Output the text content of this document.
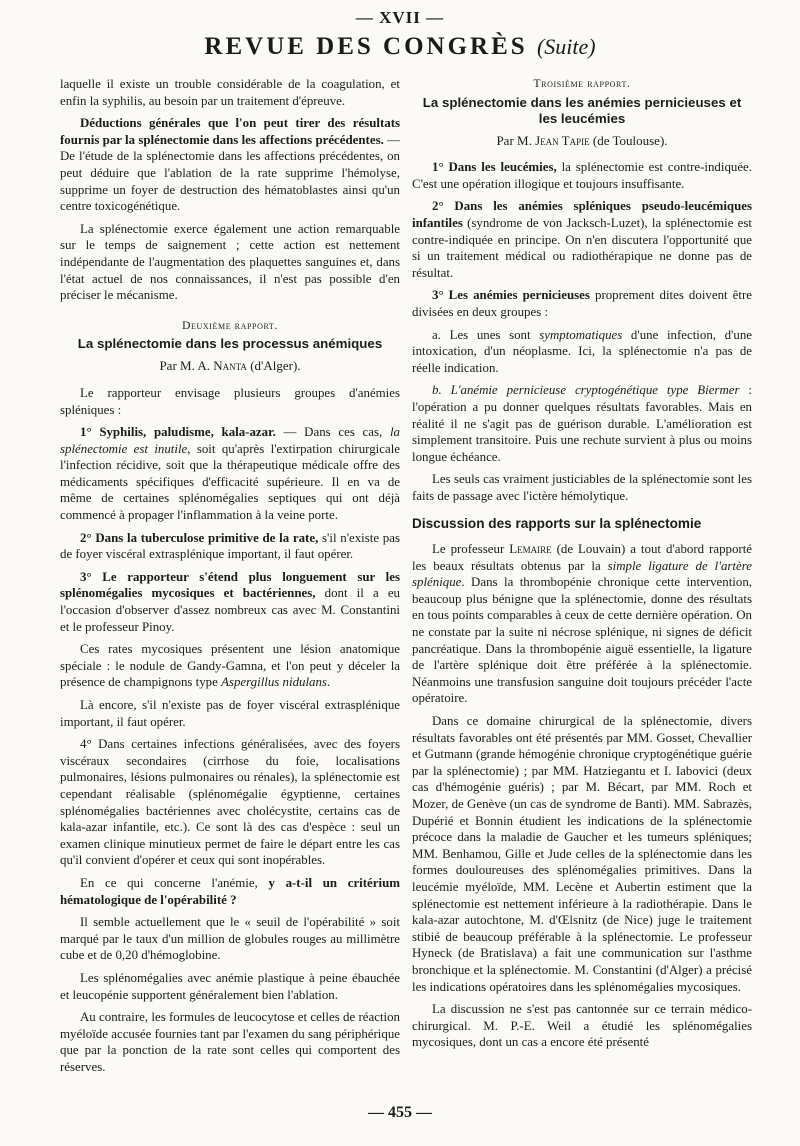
— XVII —
REVUE DES CONGRÈS (Suite)

laquelle il existe un trouble considérable de la coagulation, et enfin la syphilis, au besoin par un traitement d'épreuve.

Déductions générales que l'on peut tirer des résultats fournis par la splénectomie dans les affections précédentes. — De l'étude de la splénectomie dans les affections précédentes, on peut déduire que l'ablation de la rate supprime l'hémolyse, supprime un foyer de destruction des hématoblastes ainsi qu'un centre toxicogénétique.

La splénectomie exerce également une action remarquable sur le temps de saignement ; cette action est nettement indépendante de l'augmentation des plaquettes sanguines et, dans l'état actuel de nos connaissances, il n'est pas possible d'en préciser le mécanisme.

Deuxième rapport.
La splénectomie dans les processus anémiques
Par M. A. Nanta (d'Alger).

Le rapporteur envisage plusieurs groupes d'anémies spléniques :

1° Syphilis, paludisme, kala-azar. — Dans ces cas, la splénectomie est inutile, soit qu'après l'extirpation chirurgicale l'infection récidive, soit que la thérapeutique médicale offre des médicaments spécifiques d'efficacité supérieure. Il en va de même de certaines splénomégalies septiques qui ont déjà commencé à propager l'inflammation à la veine porte.

2° Dans la tuberculose primitive de la rate, s'il n'existe pas de foyer viscéral extrasplénique important, il faut opérer.

3° Le rapporteur s'étend plus longuement sur les splénomégalies mycosiques et bactériennes, dont il a eu l'occasion d'observer d'assez nombreux cas avec M. Constantini et le professeur Pinoy.

Ces rates mycosiques présentent une lésion anatomique spéciale : le nodule de Gandy-Gamna, et l'on peut y déceler la présence de champignons type Aspergillus nidulans.

Là encore, s'il n'existe pas de foyer viscéral extrasplénique important, il faut opérer.

4° Dans certaines infections généralisées, avec des foyers viscéraux secondaires (cirrhose du foie, localisations pulmonaires, lésions pulmonaires ou rénales), la splénectomie est cependant réalisable (splénomégalie égyptienne, certaines splénomégalies bactériennes avec cholécystite, certains cas de kala-azar infantile, etc.). Ce sont là des cas d'espèce : seul un examen clinique minutieux permet de faire le départ entre les cas qu'il convient d'opérer et ceux qui sont inopérables.

En ce qui concerne l'anémie, y a-t-il un critérium hématologique de l'opérabilité ?

Il semble actuellement que le « seuil de l'opérabilité » soit marqué par le taux d'un million de globules rouges au millimètre cube et de 0,20 d'hémoglobine.

Les splénomégalies avec anémie plastique à peine ébauchée et leucopénie supportent généralement bien l'ablation.

Au contraire, les formules de leucocytose et celles de réaction myéloïde accusée fournies tant par l'examen du sang périphérique que par la ponction de la rate sont celles qui comportent des réserves.

Troisième rapport.
La splénectomie dans les anémies pernicieuses et les leucémies
Par M. Jean Tapie (de Toulouse).

1° Dans les leucémies, la splénectomie est contre-indiquée. C'est une opération illogique et toujours insuffisante.

2° Dans les anémies spléniques pseudo-leucémiques infantiles (syndrome de von Jacksch-Luzet), la splénectomie est contre-indiquée en principe. On n'en discutera l'opportunité que si un traitement médical ou radiothérapique ne donne pas de résultat.

3° Les anémies pernicieuses proprement dites doivent être divisées en deux groupes :

a. Les unes sont symptomatiques d'une infection, d'une intoxication, d'un néoplasme. Ici, la splénectomie n'a pas de réelle indication.

b. L'anémie pernicieuse cryptogénétique type Biermer : l'opération a pu donner quelques résultats favorables. Mais en réalité il ne s'agit pas de guérison durable. L'amélioration est simplement transitoire. Puis une rechute survient à plus ou moins longue échéance.

Les seuls cas vraiment justiciables de la splénectomie sont les faits de passage avec l'ictère hémolytique.

Discussion des rapports sur la splénectomie

Le professeur Lemaire (de Louvain) a tout d'abord rapporté les beaux résultats obtenus par la simple ligature de l'artère splénique. Dans la thrombopénie chronique cette intervention, beaucoup plus bénigne que la splénectomie, donne des résultats en tous points comparables à ceux de cette dernière opération. On ne constate par la suite ni nécrose splénique, ni signes de déficit pancréatique. Dans la thrombopénie aiguë essentielle, la ligature de l'artère splénique doit être préférée à la splénectomie. Néanmoins une transfusion sanguine doit toujours précéder l'acte opératoire.

Dans ce domaine chirurgical de la splénectomie, divers résultats favorables ont été présentés par MM. Gosset, Chevallier et Gutmann (grande hémogénie chronique cryptogénétique guérie par la splénectomie) ; par MM. Hatziegantu et I. Iabovici (deux cas d'hémogénie guéris) ; par M. Bécart, par MM. Roch et Mozer, de Genève (un cas de syndrome de Banti). MM. Sabrazès, Dupérié et Bonnin étudient les indications de la splénectomie précoce dans la maladie de Gaucher et les tumeurs spléniques; MM. Benhamou, Gille et Jude celles de la splénectomie dans les formes douloureuses des splénomégalies primitives. Dans la leucémie myéloïde, MM. Lecène et Aubertin estiment que la splénectomie est nettement inférieure à la radiothérapie. Dans le kala-azar autochtone, M. d'Œlsnitz (de Nice) juge le traitement stibié de beaucoup préférable à la splénectomie. Le professeur Hyneck (de Bratislava) a fait une communication sur l'asthme bronchique et la splénectomie. M. Constantini (d'Alger) a précisé les indications opératoires dans les splénomégalies mycosiques.

La discussion ne s'est pas cantonnée sur ce terrain médico-chirurgical. M. P.-E. Weil a étudié les splénomégalies mycosiques, dont un cas a encore été présenté

— 455 —
